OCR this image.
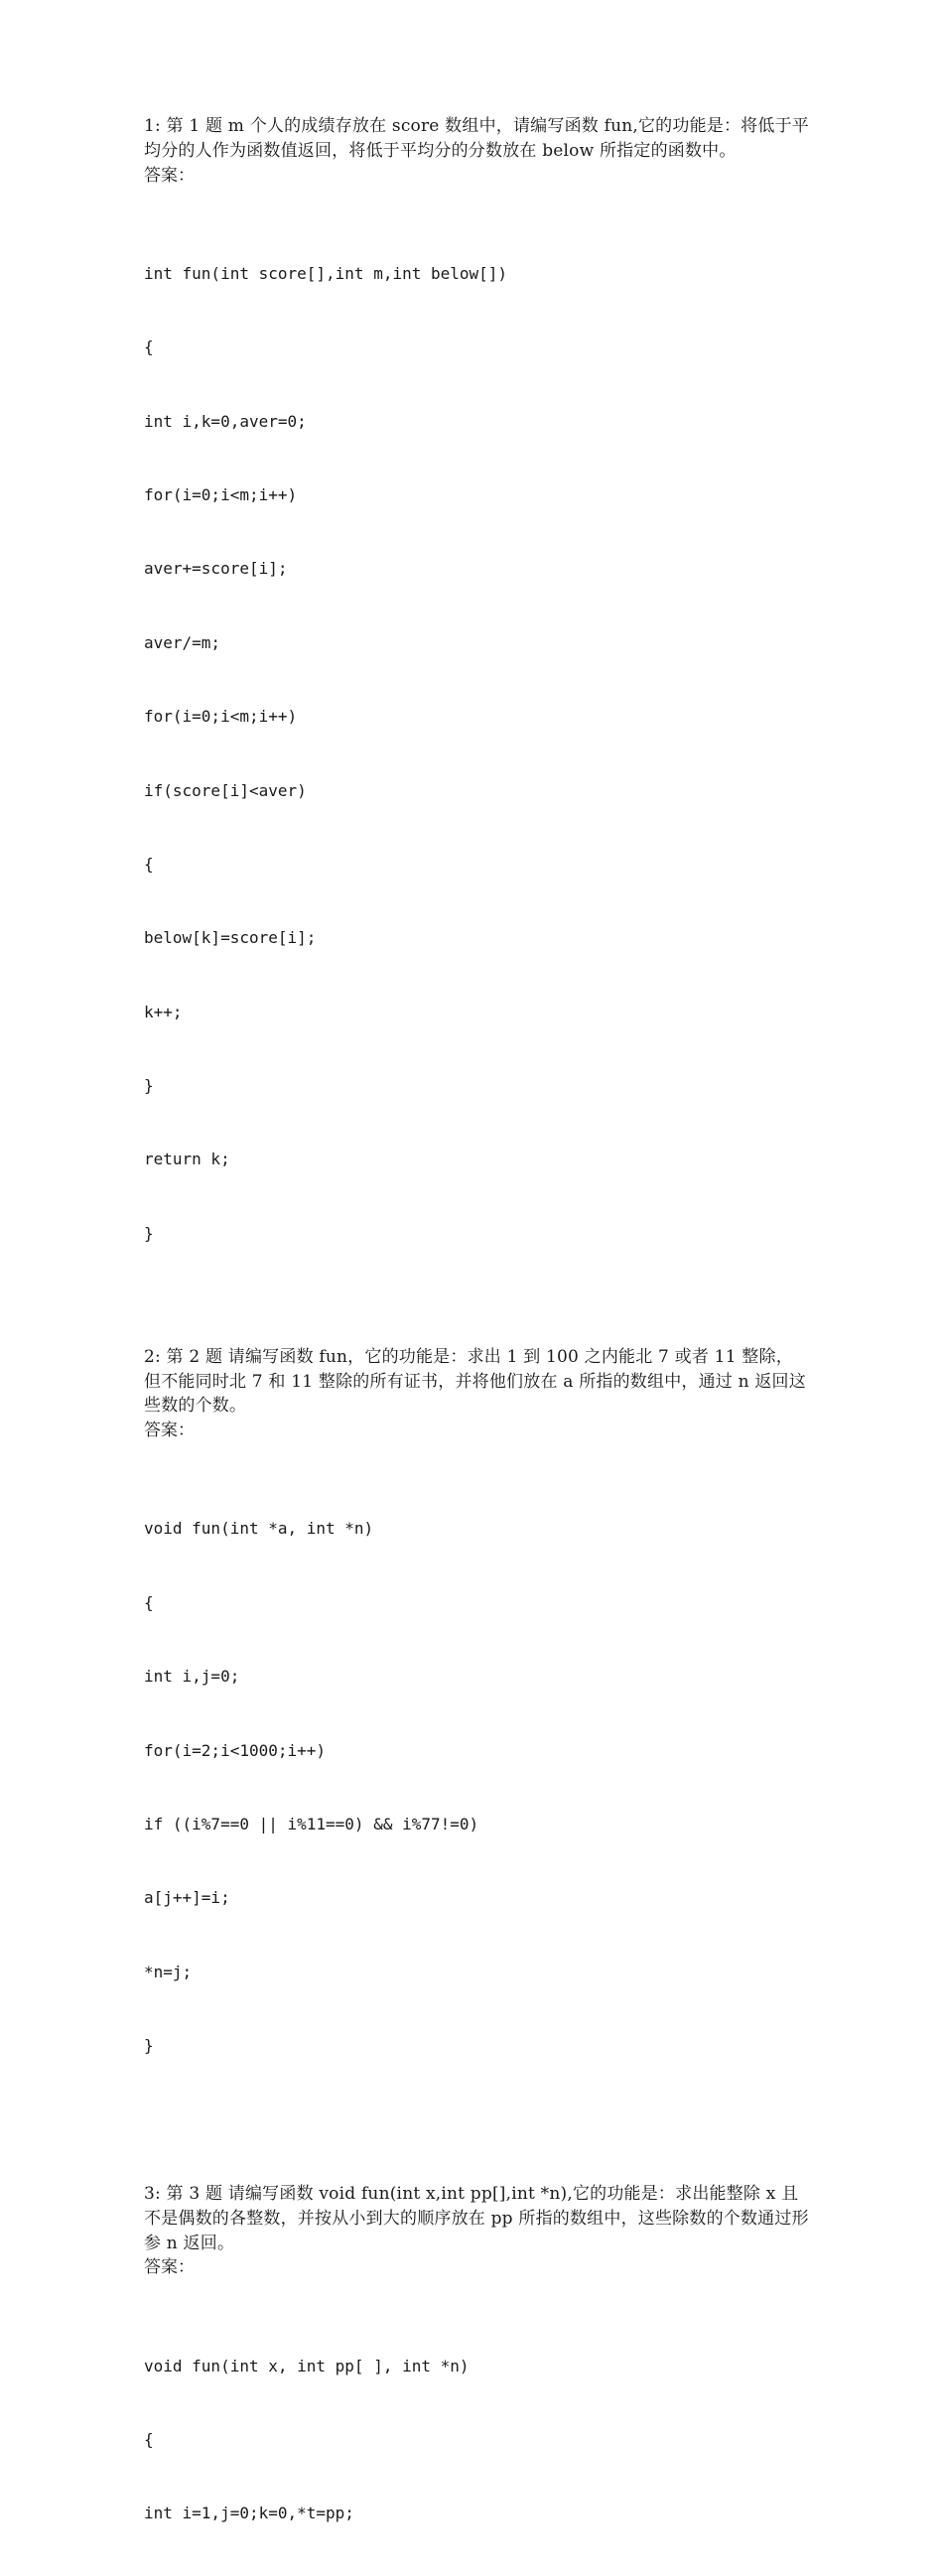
1: 第 1 题 m 个人的成绩存放在 score 数组中，请编写函数 fun,它的功能是：将低于平均分的人作为函数值返回，将低于平均分的分数放在 below 所指定的函数中。

答案：

int fun(int score[],int m,int below[])

{

int i,k=0,aver=0;

for(i=0;i<m;i++)

aver+=score[i];

aver/=m;

for(i=0;i<m;i++)

if(score[i]<aver)

{

below[k]=score[i];

k++;

}

return k;

}

2: 第 2 题 请编写函数 fun，它的功能是：求出 1 到 100 之内能北 7 或者 11 整除，但不能同时北 7 和 11 整除的所有证书，并将他们放在 a 所指的数组中，通过 n 返回这些数的个数。

答案：

void fun(int *a, int *n)

{

int i,j=0;

for(i=2;i<1000;i++)

if ((i%7==0 || i%11==0) && i%77!=0)

a[j++]=i;

*n=j;

}

3: 第 3 题 请编写函数 void fun(int x,int pp[],int *n),它的功能是：求出能整除 x 且不是偶数的各整数，并按从小到大的顺序放在 pp 所指的数组中，这些除数的个数通过形参 n 返回。

答案：

void fun(int x, int pp[ ], int *n)

{

int i=1,j=0;k=0,*t=pp;
